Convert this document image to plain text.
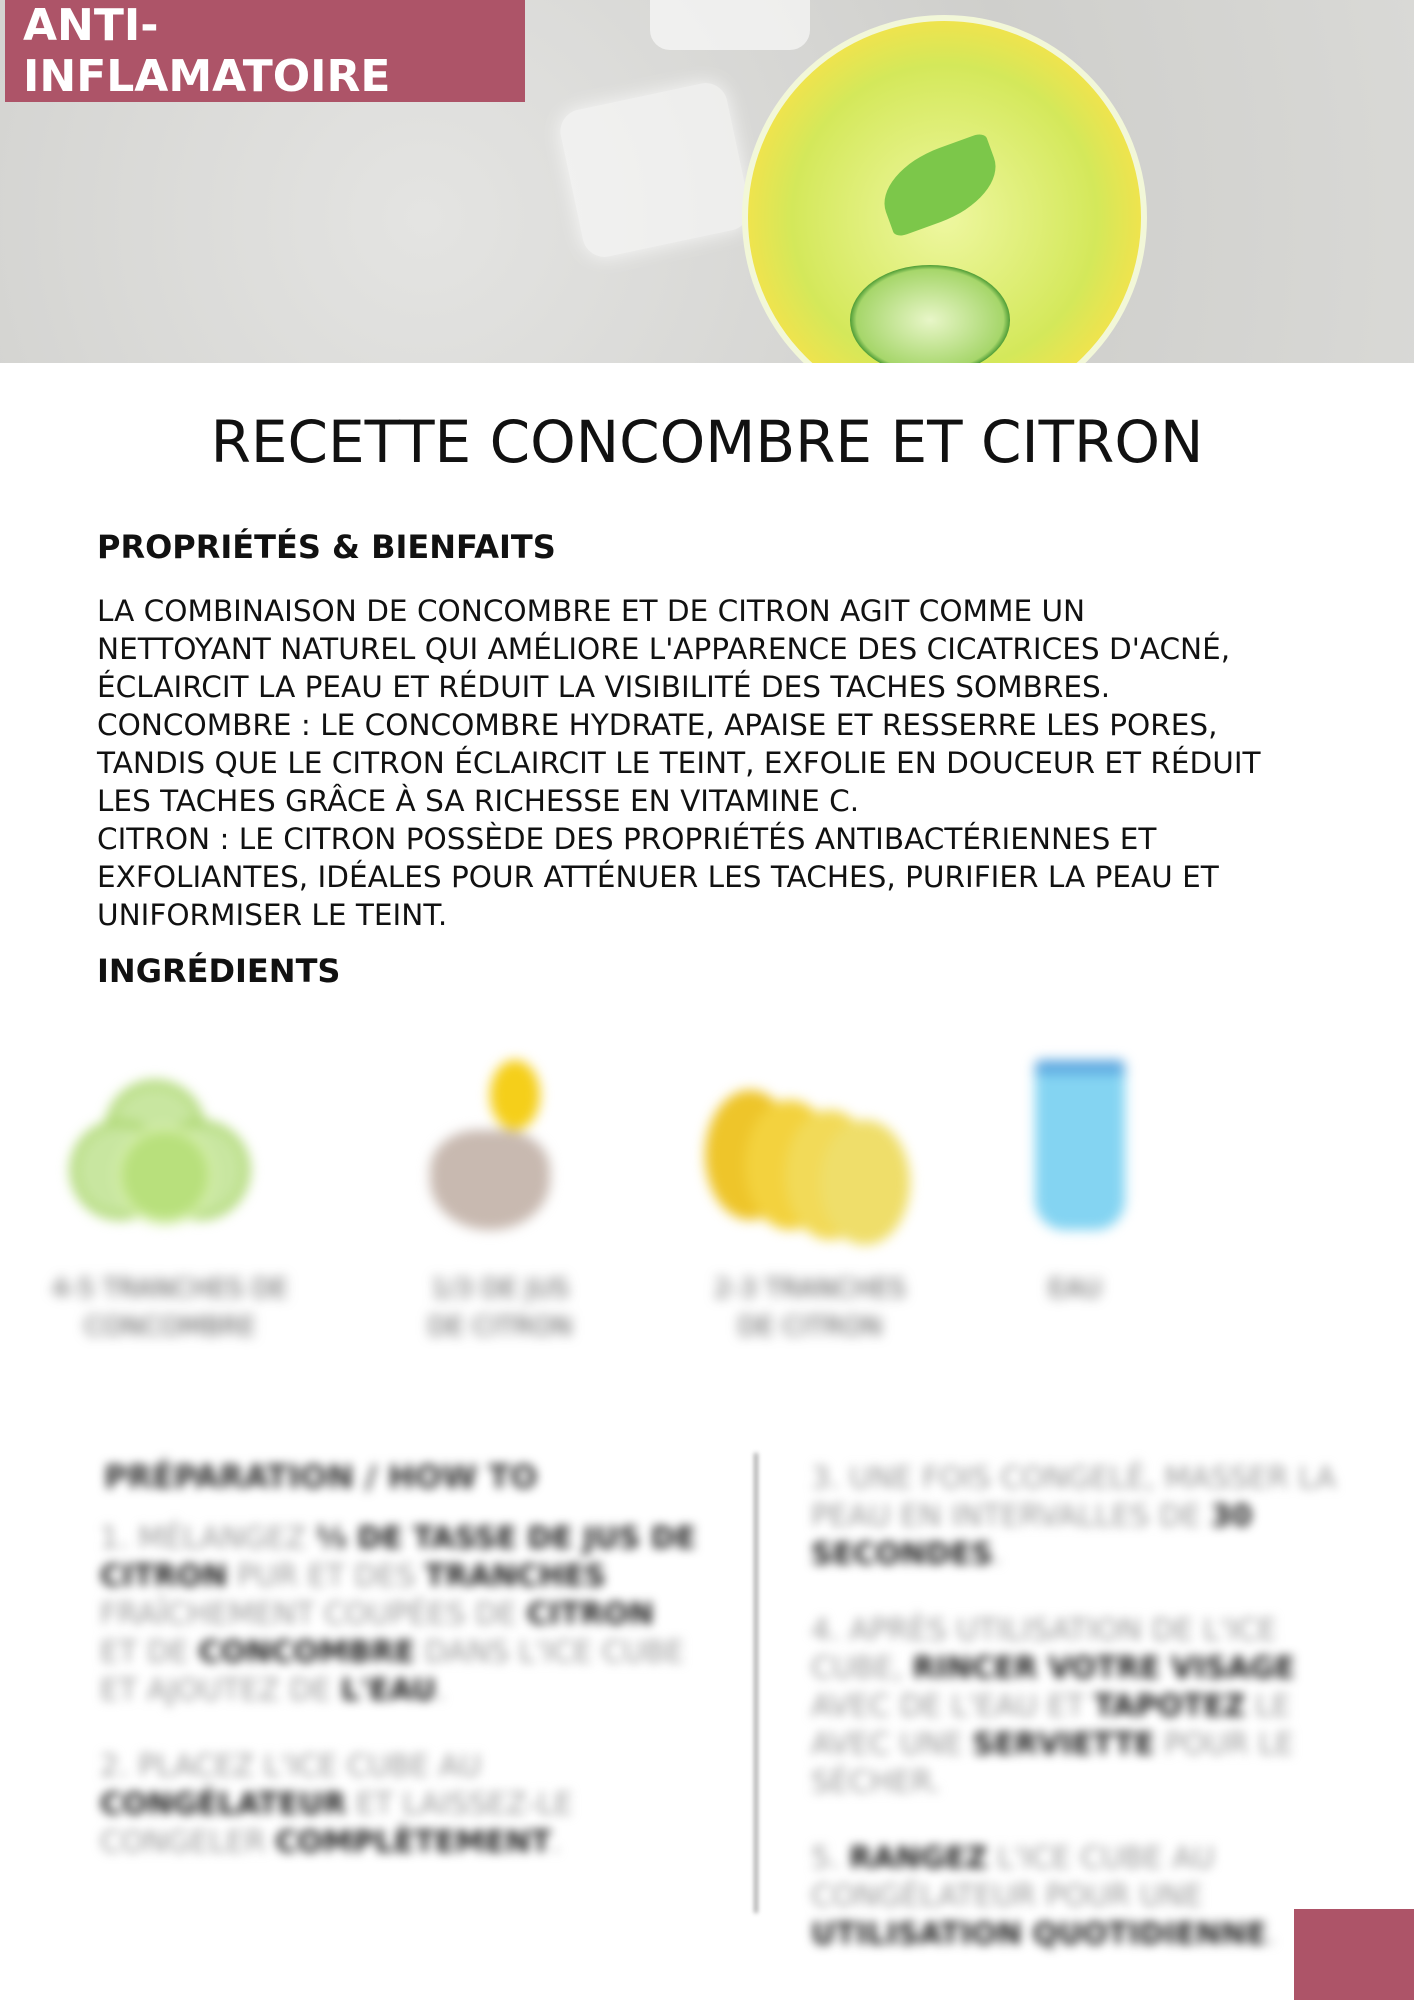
ANTI-INFLAMATOIRE
RECETTE CONCOMBRE ET CITRON
PROPRIÉTÉS & BIENFAITS
LA COMBINAISON DE CONCOMBRE ET DE CITRON AGIT COMME UN
NETTOYANT NATUREL QUI AMÉLIORE L'APPARENCE DES CICATRICES D'ACNÉ,
ÉCLAIRCIT LA PEAU ET RÉDUIT LA VISIBILITÉ DES TACHES SOMBRES.
CONCOMBRE : LE CONCOMBRE HYDRATE, APAISE ET RESSERRE LES PORES,
TANDIS QUE LE CITRON ÉCLAIRCIT LE TEINT, EXFOLIE EN DOUCEUR ET RÉDUIT
LES TACHES GRÂCE À SA RICHESSE EN VITAMINE C.
CITRON : LE CITRON POSSÈDE DES PROPRIÉTÉS ANTIBACTÉRIENNES ET
EXFOLIANTES, IDÉALES POUR ATTÉNUER LES TACHES, PURIFIER LA PEAU ET
UNIFORMISER LE TEINT.
INGRÉDIENTS
4-5 TRANCHES DE
CONCOMBRE
1/3 DE JUS
DE CITRON
2-3 TRANCHES
DE CITRON
EAU
PRÉPARATION / HOW TO

1. MÉLANGEZ ⅓ DE TASSE DE JUS DE CITRON PUR ET DES TRANCHES FRAÎCHEMENT COUPÉES DE CITRON ET DE CONCOMBRE DANS L'ICE CUBE ET AJOUTEZ DE L'EAU.

2. PLACEZ L'ICE CUBE AU CONGÉLATEUR ET LAISSEZ-LE CONGELER COMPLÈTEMENT.

3. UNE FOIS CONGELÉ, MASSER LA PEAU EN INTERVALLES DE 30 SECONDES.

4. APRÈS UTILISATION DE L'ICE CUBE, RINCER VOTRE VISAGE AVEC DE L'EAU ET TAPOTEZ LE AVEC UNE SERVIETTE POUR LE SÉCHER.

5. RANGEZ L'ICE CUBE AU CONGÉLATEUR POUR UNE UTILISATION QUOTIDIENNE.
